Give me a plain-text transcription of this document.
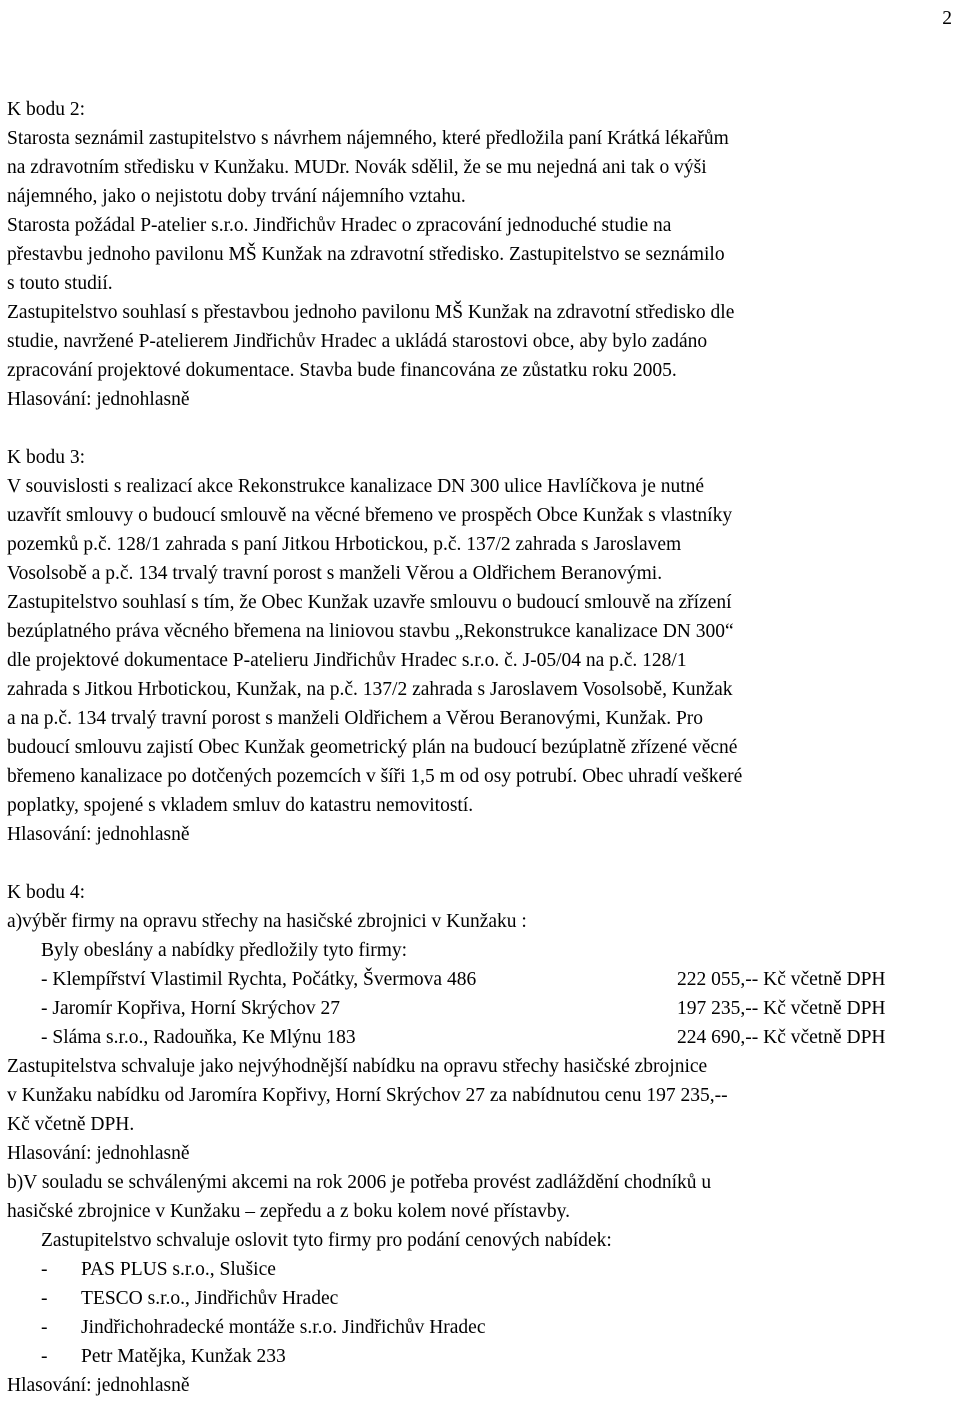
2
K bodu 2:
Starosta seznámil zastupitelstvo s návrhem nájemného, které předložila paní Krátká lékařům
na zdravotním středisku v Kunžaku. MUDr. Novák sdělil, že se mu nejedná ani tak o výši
nájemného, jako o nejistotu doby trvání nájemního vztahu.
Starosta požádal P-atelier s.r.o. Jindřichův Hradec o zpracování jednoduché studie na
přestavbu jednoho pavilonu MŠ Kunžak na zdravotní středisko. Zastupitelstvo se seznámilo
s touto studií.
Zastupitelstvo souhlasí s přestavbou jednoho pavilonu MŠ Kunžak na zdravotní středisko dle
studie, navržené P-atelierem Jindřichův Hradec a ukládá starostovi obce, aby bylo zadáno
zpracování projektové dokumentace. Stavba bude financována ze zůstatku roku 2005.
Hlasování: jednohlasně
K bodu 3:
V souvislosti s realizací akce Rekonstrukce kanalizace DN 300 ulice Havlíčkova je nutné
uzavřít smlouvy o budoucí smlouvě na věcné břemeno ve prospěch Obce Kunžak s vlastníky
pozemků p.č. 128/1 zahrada s paní Jitkou Hrbotickou, p.č. 137/2 zahrada s Jaroslavem
Vosolsobě a p.č. 134 trvalý travní porost s manželi Věrou a Oldřichem Beranovými.
Zastupitelstvo souhlasí s tím, že Obec Kunžak uzavře smlouvu o budoucí smlouvě na zřízení
bezúplatného práva věcného břemena na liniovou stavbu „Rekonstrukce kanalizace DN 300“
dle projektové dokumentace P-atelieru Jindřichův Hradec s.r.o. č. J-05/04 na p.č. 128/1
zahrada s Jitkou Hrbotickou, Kunžak, na p.č. 137/2 zahrada s Jaroslavem Vosolsobě, Kunžak
a na p.č. 134 trvalý travní porost s manželi Oldřichem a Věrou Beranovými, Kunžak. Pro
budoucí smlouvu zajistí Obec Kunžak geometrický plán na budoucí bezúplatně zřízené věcné
břemeno kanalizace po dotčených pozemcích v šíři 1,5 m od osy potrubí. Obec uhradí veškeré
poplatky, spojené s vkladem smluv do katastru nemovitostí.
Hlasování: jednohlasně
K bodu 4:
a)výběr firmy na opravu střechy na hasičské zbrojnici v Kunžaku :
Byly obeslány a nabídky předložily tyto firmy:
- Klempířství Vlastimil Rychta, Počátky, Švermova 486	222 055,-- Kč včetně DPH
- Jaromír Kopřiva, Horní Skrýchov 27	197 235,-- Kč včetně DPH
- Sláma s.r.o., Radouňka, Ke Mlýnu 183	224 690,-- Kč včetně DPH
Zastupitelstva schvaluje jako nejvýhodnější nabídku na opravu střechy hasičské zbrojnice
v Kunžaku nabídku od Jaromíra Kopřivy, Horní Skrýchov 27 za nabídnutou cenu 197 235,--
Kč včetně DPH.
Hlasování: jednohlasně
b)V souladu se schválenými akcemi na rok 2006 je potřeba provést zadláždění chodníků u
hasičské zbrojnice v Kunžaku – zepředu a z boku kolem nové přístavby.
Zastupitelstvo schvaluje oslovit tyto firmy pro podání cenových nabídek:
- PAS PLUS s.r.o., Slušice
- TESCO s.r.o., Jindřichův Hradec
- Jindřichohradecké montáže s.r.o. Jindřichův Hradec
- Petr Matějka, Kunžak 233
Hlasování: jednohlasně
